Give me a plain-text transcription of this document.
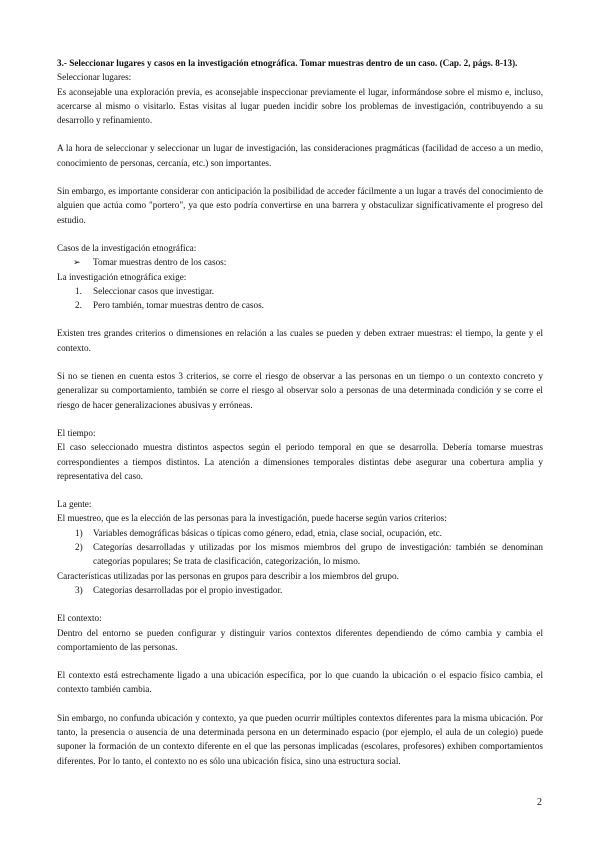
3.- Seleccionar lugares y casos en la investigación etnográfica. Tomar muestras dentro de un caso. (Cap. 2, págs. 8-13).

Seleccionar lugares:

Es aconsejable una exploración previa, es aconsejable inspeccionar previamente el lugar, informándose sobre el mismo e, incluso, acercarse al mismo o visitarlo. Estas visitas al lugar pueden incidir sobre los problemas de investigación, contribuyendo a su desarrollo y refinamiento.

A la hora de seleccionar y seleccionar un lugar de investigación, las consideraciones pragmáticas (facilidad de acceso a un medio, conocimiento de personas, cercanía, etc.) son importantes.

Sin embargo, es importante considerar con anticipación la posibilidad de acceder fácilmente a un lugar a través del conocimiento de alguien que actúa como "portero", ya que esto podría convertirse en una barrera y obstaculizar significativamente el progreso del estudio.

Casos de la investigación etnográfica:

➢ Tomar muestras dentro de los casos:

La investigación etnográfica exige:

1. Seleccionar casos que investigar.
2. Pero también, tomar muestras dentro de casos.

Existen tres grandes criterios o dimensiones en relación a las cuales se pueden y deben extraer muestras: el tiempo, la gente y el contexto.

Si no se tienen en cuenta estos 3 criterios, se corre el riesgo de observar a las personas en un tiempo o un contexto concreto y generalizar su comportamiento, también se corre el riesgo al observar solo a personas de una determinada condición y se corre el riesgo de hacer generalizaciones abusivas y erróneas.

El tiempo:

El caso seleccionado muestra distintos aspectos según el periodo temporal en que se desarrolla. Debería tomarse muestras correspondientes a tiempos distintos. La atención a dimensiones temporales distintas debe asegurar una cobertura amplia y representativa del caso.

La gente:

El muestreo, que es la elección de las personas para la investigación, puede hacerse según varios criterios:

1) Variables demográficas básicas o típicas como género, edad, etnia, clase social, ocupación, etc.
2) Categorías desarrolladas y utilizadas por los mismos miembros del grupo de investigación: también se denominan categorías populares; Se trata de clasificación, categorización, lo mismo.

Características utilizadas por las personas en grupos para describir a los miembros del grupo.

3) Categorías desarrolladas por el propio investigador.

El contexto:

Dentro del entorno se pueden configurar y distinguir varios contextos diferentes dependiendo de cómo cambia y cambia el comportamiento de las personas.

El contexto está estrechamente ligado a una ubicación específica, por lo que cuando la ubicación o el espacio físico cambia, el contexto también cambia.

Sin embargo, no confunda ubicación y contexto, ya que pueden ocurrir múltiples contextos diferentes para la misma ubicación. Por tanto, la presencia o ausencia de una determinada persona en un determinado espacio (por ejemplo, el aula de un colegio) puede suponer la formación de un contexto diferente en el que las personas implicadas (escolares, profesores) exhiben comportamientos diferentes. Por lo tanto, el contexto no es sólo una ubicación física, sino una estructura social.

2
